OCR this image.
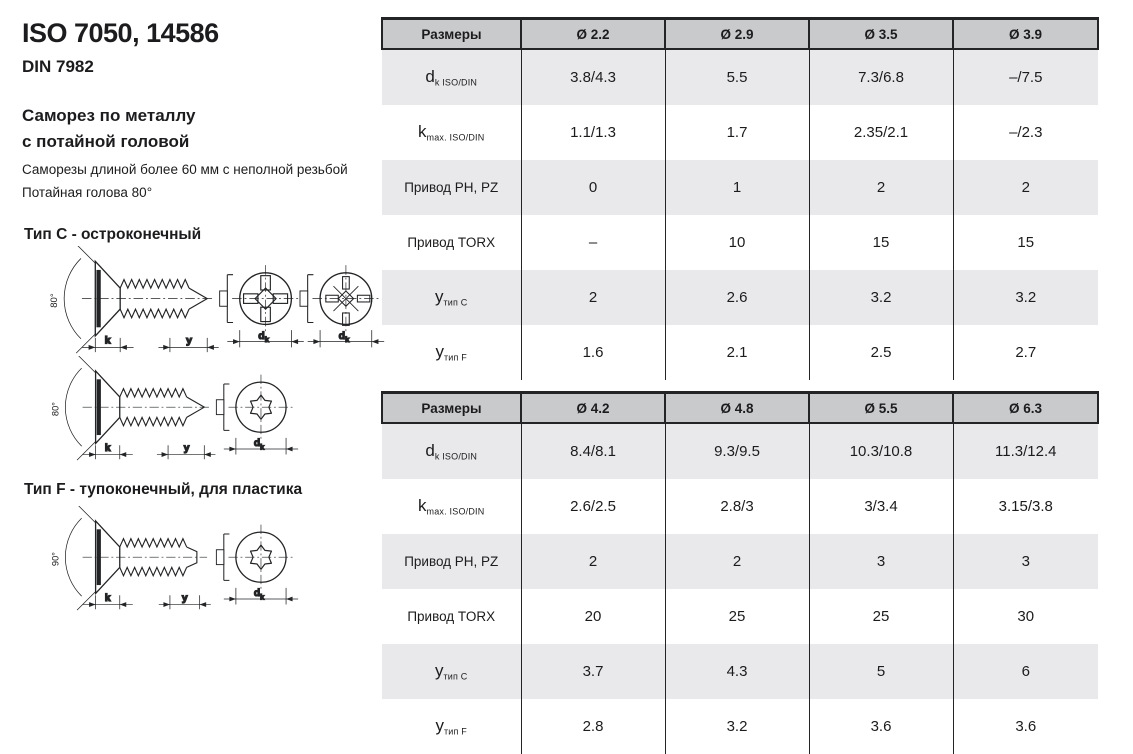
ISO 7050, 14586
DIN 7982
Саморез по металлу
с потайной головой
Саморезы длиной более 60 мм с неполной резьбой
Потайная голова 80°
Тип С - остроконечный
Тип F - тупоконечный, для пластика
80°
80°
90°
Размеры	Ø 2.2	Ø 2.9	Ø 3.5	Ø 3.9
$d_{k ISO/DIN}$	3.8/4.3	5.5	7.3/6.8	–/7.5
$k_{max. ISO/DIN}$	1.1/1.3	1.7	2.35/2.1	–/2.3
Привод PH, PZ	0	1	2	2
Привод TORX	–	10	15	15
$y_{тип C}$	2	2.6	3.2	3.2
$y_{тип F}$	1.6	2.1	2.5	2.7
Размеры	Ø 4.2	Ø 4.8	Ø 5.5	Ø 6.3
$d_{k ISO/DIN}$	8.4/8.1	9.3/9.5	10.3/10.8	11.3/12.4
$k_{max. ISO/DIN}$	2.6/2.5	2.8/3	3/3.4	3.15/3.8
Привод PH, PZ	2	2	3	3
Привод TORX	20	25	25	30
$y_{тип C}$	3.7	4.3	5	6
$y_{тип F}$	2.8	3.2	3.6	3.6
